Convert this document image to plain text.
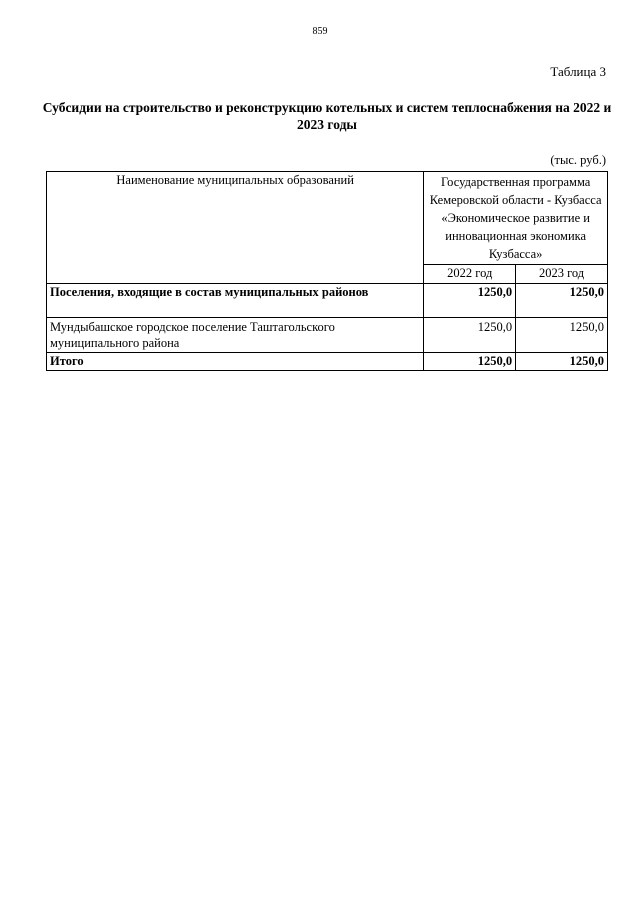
859
Таблица 3
Субсидии на строительство и реконструкцию котельных и систем теплоснабжения на 2022 и 2023 годы
(тыс. руб.)
Наименование муниципальных образований	Государственная программа Кемеровской области - Кузбасса «Экономическое развитие и инновационная экономика Кузбасса»	
	2022 год	2023 год
Поселения, входящие в состав муниципальных районов	1250,0	1250,0
Мундыбашское городское поселение Таштагольского муниципального района	1250,0	1250,0
Итого	1250,0	1250,0
